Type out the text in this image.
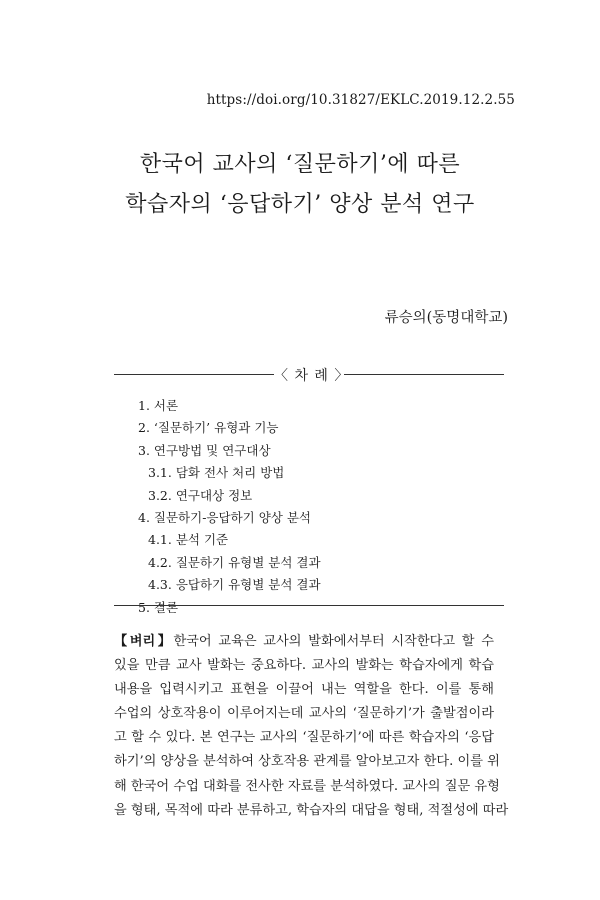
https://doi.org/10.31827/EKLC.2019.12.2.55
한국어 교사의 ‘질문하기’에 따른
학습자의 ‘응답하기’ 양상 분석 연구
류승의(동명대학교)
〈 차 례 〉
1. 서론
2. ‘질문하기’ 유형과 기능
3. 연구방법 및 연구대상
3.1. 담화 전사 처리 방법
3.2. 연구대상 정보
4. 질문하기-응답하기 양상 분석
4.1. 분석 기준
4.2. 질문하기 유형별 분석 결과
4.3. 응답하기 유형별 분석 결과
5. 결론
【벼리】한국어 교육은 교사의 발화에서부터 시작한다고 할 수
있을 만큼 교사 발화는 중요하다. 교사의 발화는 학습자에게 학습
내용을 입력시키고 표현을 이끌어 내는 역할을 한다. 이를 통해
수업의 상호작용이 이루어지는데 교사의 ‘질문하기’가 출발점이라
고 할 수 있다. 본 연구는 교사의 ‘질문하기’에 따른 학습자의 ‘응답
하기’의 양상을 분석하여 상호작용 관계를 알아보고자 한다. 이를 위
해 한국어 수업 대화를 전사한 자료를 분석하였다. 교사의 질문 유형
을 형태, 목적에 따라 분류하고, 학습자의 대답을 형태, 적절성에 따라
